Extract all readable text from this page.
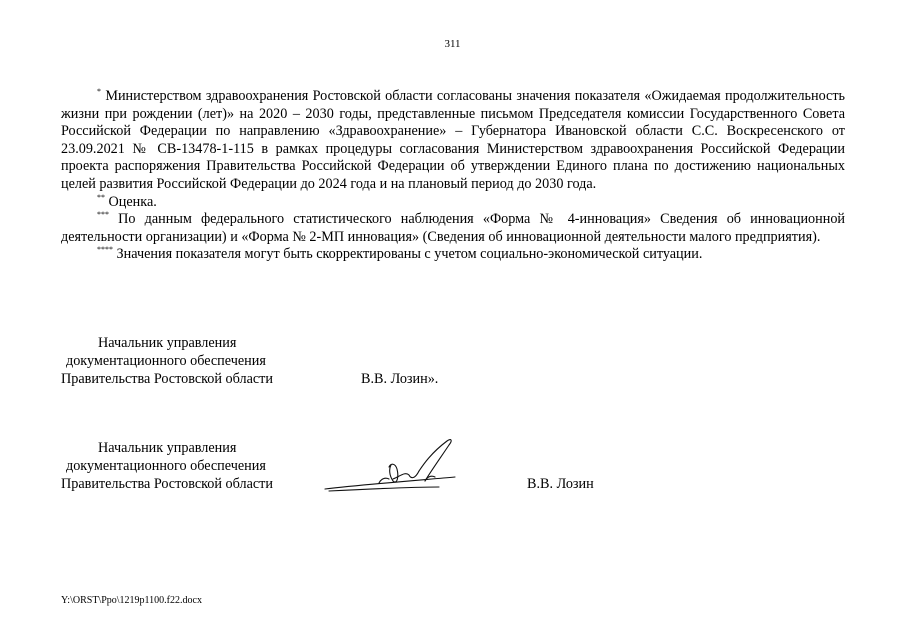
311

* Министерством здравоохранения Ростовской области согласованы значения показателя «Ожидаемая продолжительность жизни при рождении (лет)» на 2020 – 2030 годы, представленные письмом Председателя комиссии Государственного Совета Российской Федерации по направлению «Здравоохранение» – Губернатора Ивановской области С.С. Воскресенского от 23.09.2021 № СВ-13478-1-115 в рамках процедуры согласования Министерством здравоохранения Российской Федерации проекта распоряжения Правительства Российской Федерации об утверждении Единого плана по достижению национальных целей развития Российской Федерации до 2024 года и на плановый период до 2030 года.

** Оценка.

*** По данным федерального статистического наблюдения «Форма № 4-инновация» Сведения об инновационной деятельности организации) и «Форма № 2-МП инновация» (Сведения об инновационной деятельности малого предприятия).

**** Значения показателя могут быть скорректированы с учетом социально-экономической ситуации.

Начальник управления
документационного обеспечения
Правительства Ростовской области	В.В. Лозин».
Начальник управления
документационного обеспечения
Правительства Ростовской области	В.В. Лозин
Y:\ORST\Ppo\1219p1100.f22.docx
